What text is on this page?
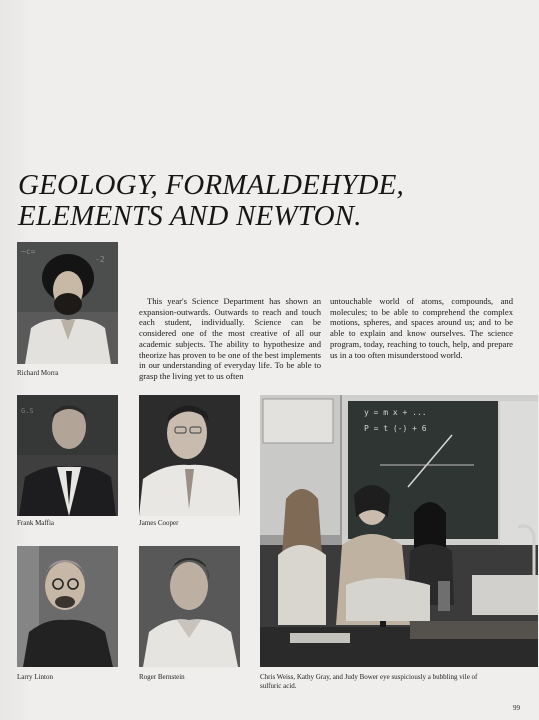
GEOLOGY, FORMALDEHYDE,
ELEMENTS AND NEWTON.
~c=
-2
Richard Morra
This year's Science Department has shown an expansion-outwards. Outwards to reach and touch each student, individually. Science can be considered one of the most creative of all our academic subjects. The ability to hypothesize and theorize has proven to be one of the best implements in our understanding of everyday life. To be able to grasp the living yet to us often
untouchable world of atoms, compounds, and molecules; to be able to comprehend the complex motions, spheres, and spaces around us; and to be able to explain and know ourselves. The science program, today, reaching to touch, help, and prepare us in a too often misunderstood world.
G.S
Frank Maffia	James Cooper
Larry Linton	Roger Bernstein
y = m x + ...
P = t (-) + 6
Chris Weiss, Kathy Gray, and Judy Bower eye suspiciously a bubbling vile of sulfuric acid.
99
